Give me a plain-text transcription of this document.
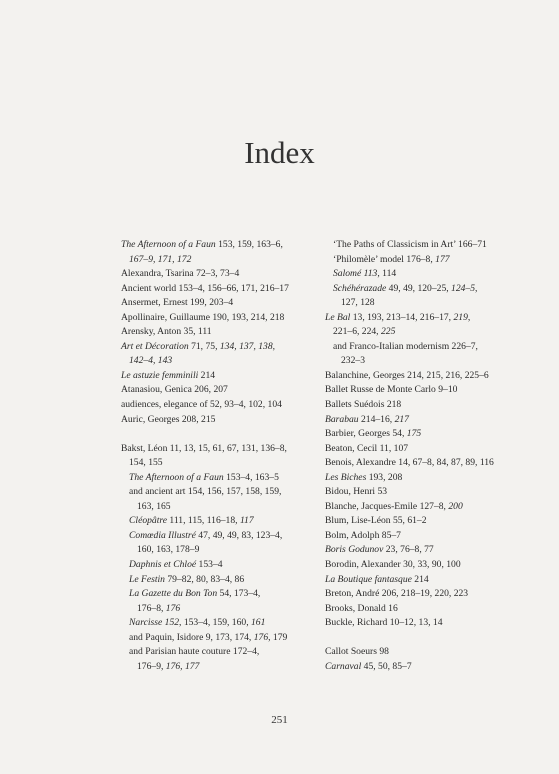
Index
The Afternoon of a Faun 153, 159, 163–6,
167–9, 171, 172
Alexandra, Tsarina 72–3, 73–4
Ancient world 153–4, 156–66, 171, 216–17
Ansermet, Ernest 199, 203–4
Apollinaire, Guillaume 190, 193, 214, 218
Arensky, Anton 35, 111
Art et Décoration 71, 75, 134, 137, 138,
142–4, 143
Le astuzie femminili 214
Atanasiou, Genica 206, 207
audiences, elegance of 52, 93–4, 102, 104
Auric, Georges 208, 215
Bakst, Léon 11, 13, 15, 61, 67, 131, 136–8,
154, 155
The Afternoon of a Faun 153–4, 163–5
and ancient art 154, 156, 157, 158, 159,
163, 165
Cléopâtre 111, 115, 116–18, 117
Comœdia Illustré 47, 49, 49, 83, 123–4,
160, 163, 178–9
Daphnis et Chloé 153–4
Le Festin 79–82, 80, 83–4, 86
La Gazette du Bon Ton 54, 173–4,
176–8, 176
Narcisse 152, 153–4, 159, 160, 161
and Paquin, Isidore 9, 173, 174, 176, 179
and Parisian haute couture 172–4,
176–9, 176, 177
‘The Paths of Classicism in Art’ 166–71
‘Philomèle’ model 176–8, 177
Salomé 113, 114
Schéhérazade 49, 49, 120–25, 124–5,
127, 128
Le Bal 13, 193, 213–14, 216–17, 219,
221–6, 224, 225
and Franco-Italian modernism 226–7,
232–3
Balanchine, Georges 214, 215, 216, 225–6
Ballet Russe de Monte Carlo 9–10
Ballets Suédois 218
Barabau 214–16, 217
Barbier, Georges 54, 175
Beaton, Cecil 11, 107
Benois, Alexandre 14, 67–8, 84, 87, 89, 116
Les Biches 193, 208
Bidou, Henri 53
Blanche, Jacques-Emile 127–8, 200
Blum, Lise-Léon 55, 61–2
Bolm, Adolph 85–7
Boris Godunov 23, 76–8, 77
Borodin, Alexander 30, 33, 90, 100
La Boutique fantasque 214
Breton, André 206, 218–19, 220, 223
Brooks, Donald 16
Buckle, Richard 10–12, 13, 14
Callot Soeurs 98
Carnaval 45, 50, 85–7
251
